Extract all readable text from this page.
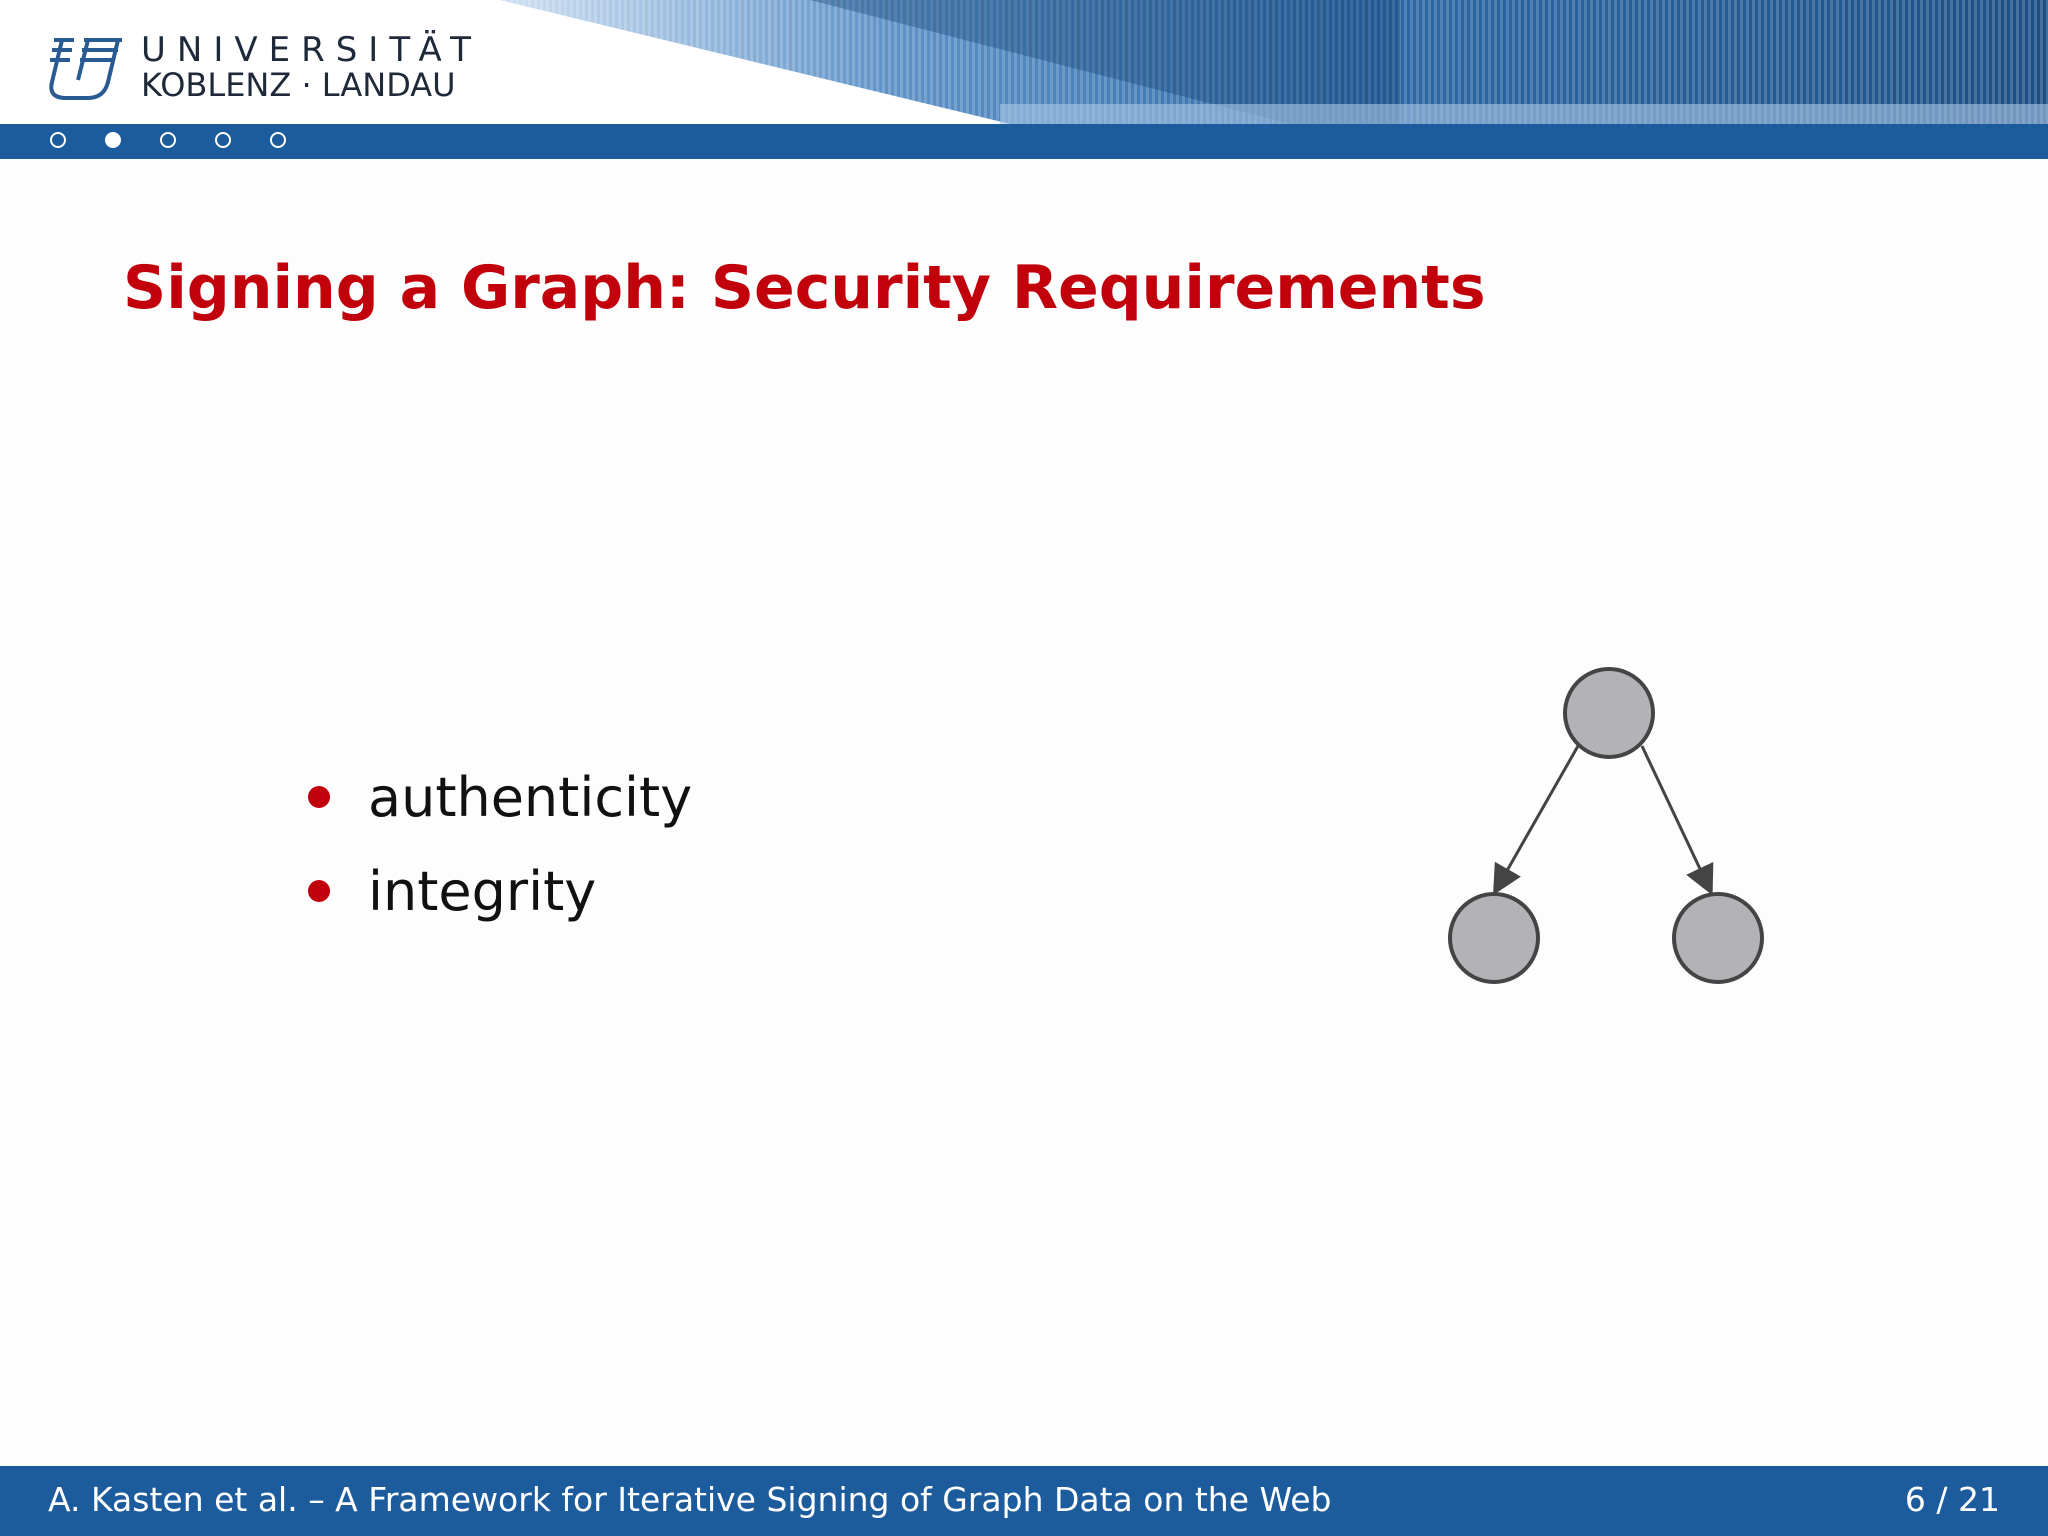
UNIVERSITÄT

KOBLENZ · LANDAU

Signing a Graph: Security Requirements
authenticity
integrity

A. Kasten et al. – A Framework for Iterative Signing of Graph Data on the Web	6 / 21
